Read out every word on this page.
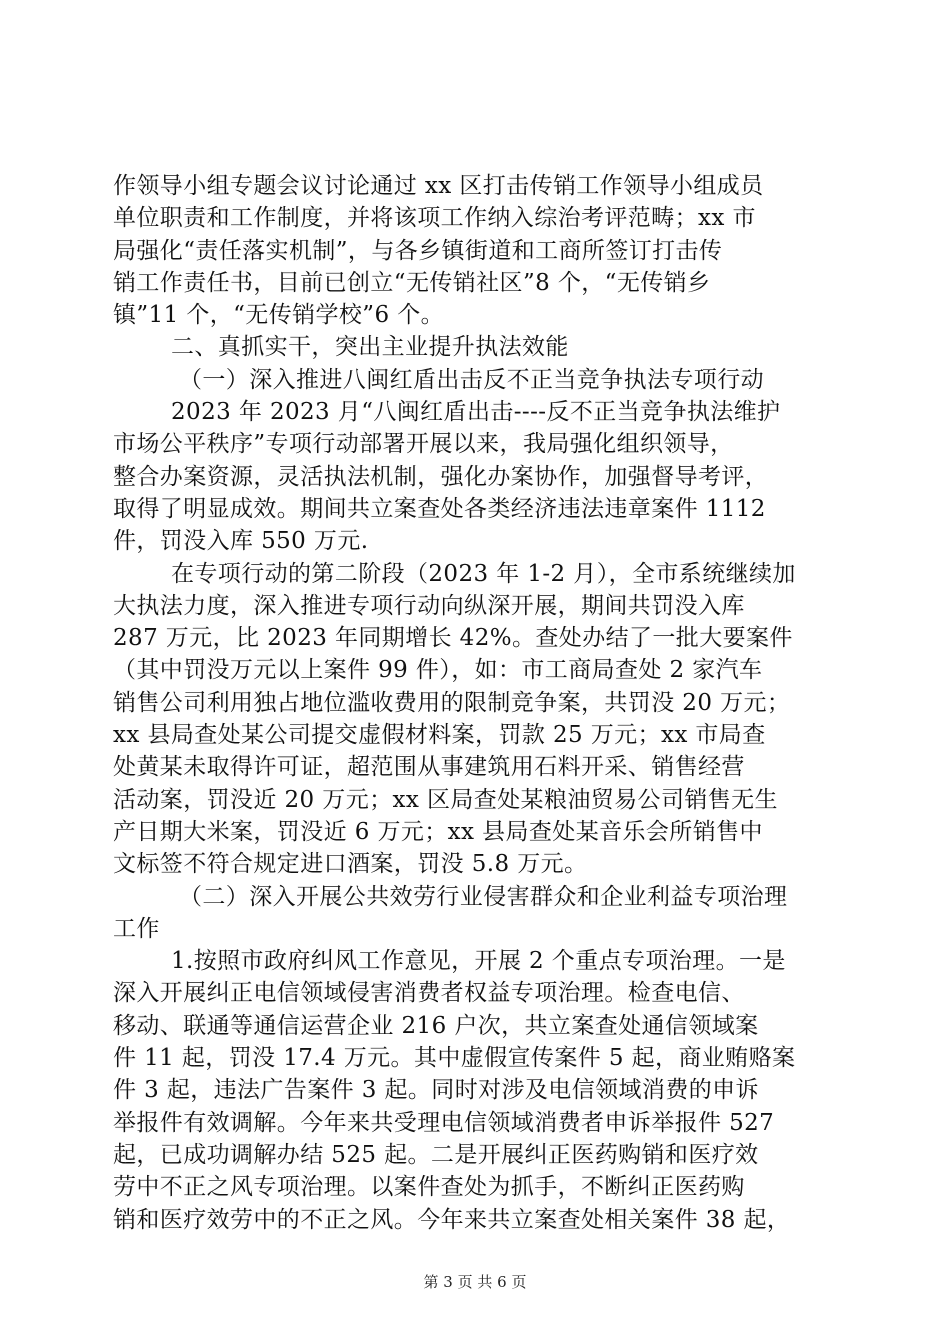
作领导小组专题会议讨论通过 xx 区打击传销工作领导小组成员
单位职责和工作制度，并将该项工作纳入综治考评范畴；xx 市
局强化“责任落实机制”，与各乡镇街道和工商所签订打击传
销工作责任书，目前已创立“无传销社区”8 个，“无传销乡
镇”11 个，“无传销学校”6 个。
二、真抓实干，突出主业提升执法效能
（一）深入推进八闽红盾出击反不正当竞争执法专项行动
2023 年 2023 月“八闽红盾出击----反不正当竞争执法维护
市场公平秩序”专项行动部署开展以来，我局强化组织领导，
整合办案资源，灵活执法机制，强化办案协作，加强督导考评，
取得了明显成效。期间共立案查处各类经济违法违章案件 1112
件，罚没入库 550 万元.
在专项行动的第二阶段（2023 年 1-2 月），全市系统继续加
大执法力度，深入推进专项行动向纵深开展，期间共罚没入库
287 万元，比 2023 年同期增长 42%。查处办结了一批大要案件
（其中罚没万元以上案件 99 件），如：市工商局查处 2 家汽车
销售公司利用独占地位滥收费用的限制竞争案，共罚没 20 万元；
xx 县局查处某公司提交虚假材料案，罚款 25 万元；xx 市局查
处黄某未取得许可证，超范围从事建筑用石料开采、销售经营
活动案，罚没近 20 万元；xx 区局查处某粮油贸易公司销售无生
产日期大米案，罚没近 6 万元；xx 县局查处某音乐会所销售中
文标签不符合规定进口酒案，罚没 5.8 万元。
（二）深入开展公共效劳行业侵害群众和企业利益专项治理
工作
1.按照市政府纠风工作意见，开展 2 个重点专项治理。一是
深入开展纠正电信领域侵害消费者权益专项治理。检查电信、
移动、联通等通信运营企业 216 户次，共立案查处通信领域案
件 11 起，罚没 17.4 万元。其中虚假宣传案件 5 起，商业贿赂案
件 3 起，违法广告案件 3 起。同时对涉及电信领域消费的申诉
举报件有效调解。今年来共受理电信领域消费者申诉举报件 527
起，已成功调解办结 525 起。二是开展纠正医药购销和医疗效
劳中不正之风专项治理。以案件查处为抓手，不断纠正医药购
销和医疗效劳中的不正之风。今年来共立案查处相关案件 38 起，
第 3 页 共 6 页
